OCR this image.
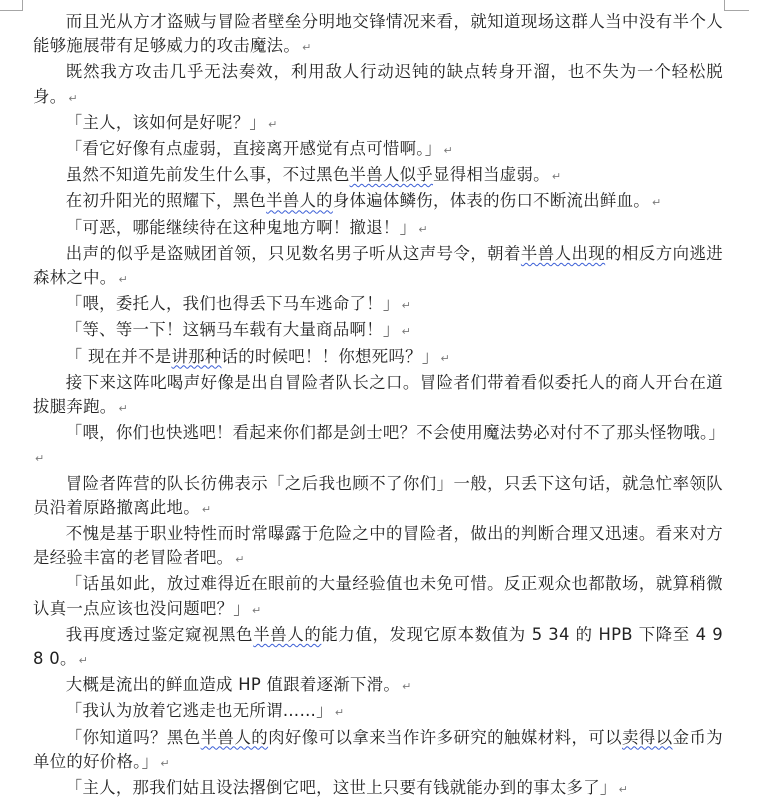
而且光从方才盗贼与冒险者壁垒分明地交锋情况来看，就知道现场这群人当中没有半个人能够施展带有足够威力的攻击魔法。 ↵

既然我方攻击几乎无法奏效，利用敌人行动迟钝的缺点转身开溜，也不失为一个轻松脱身。 ↵

「主人，该如何是好呢？」 ↵

「看它好像有点虚弱，直接离开感觉有点可惜啊。」 ↵

虽然不知道先前发生什么事，不过黑色半兽人似乎显得相当虚弱。 ↵

在初升阳光的照耀下，黑色半兽人的身体遍体鳞伤，体表的伤口不断流出鲜血。 ↵

「可恶，哪能继续待在这种鬼地方啊！撤退！」 ↵

出声的似乎是盗贼团首领，只见数名男子听从这声号令，朝着半兽人出现的相反方向逃进森林之中。 ↵

「喂，委托人，我们也得丢下马车逃命了！」 ↵

「等、等一下！这辆马车载有大量商品啊！」 ↵

「 现在并不是讲那种话的时候吧！！你想死吗？」 ↵

接下来这阵叱喝声好像是出自冒险者队长之口。冒险者们带着看似委托人的商人开台在道拔腿奔跑。 ↵

「喂，你们也快逃吧！看起来你们都是剑士吧？不会使用魔法势必对付不了那头怪物哦。」↵

冒险者阵营的队长彷佛表示「之后我也顾不了你们」一般，只丢下这句话，就急忙率领队员沿着原路撤离此地。 ↵

不愧是基于职业特性而时常曝露于危险之中的冒险者，做出的判断合理又迅速。看来对方是经验丰富的老冒险者吧。 ↵

「话虽如此，放过难得近在眼前的大量经验值也未免可惜。反正观众也都散场，就算稍微认真一点应该也没问题吧？」 ↵

我再度透过鉴定窥视黑色半兽人的能力值，发现它原本数值为 5 34 的 HPB 下降至 4 9 8 0。 ↵

大概是流出的鲜血造成 HP 值跟着逐渐下滑。 ↵

「我认为放着它逃走也无所谓……」 ↵

「你知道吗？黑色半兽人的肉好像可以拿来当作许多研究的触媒材料，可以卖得以金币为单位的好价格。」 ↵

「主人，那我们姑且设法撂倒它吧，这世上只要有钱就能办到的事太多了」 ↵
